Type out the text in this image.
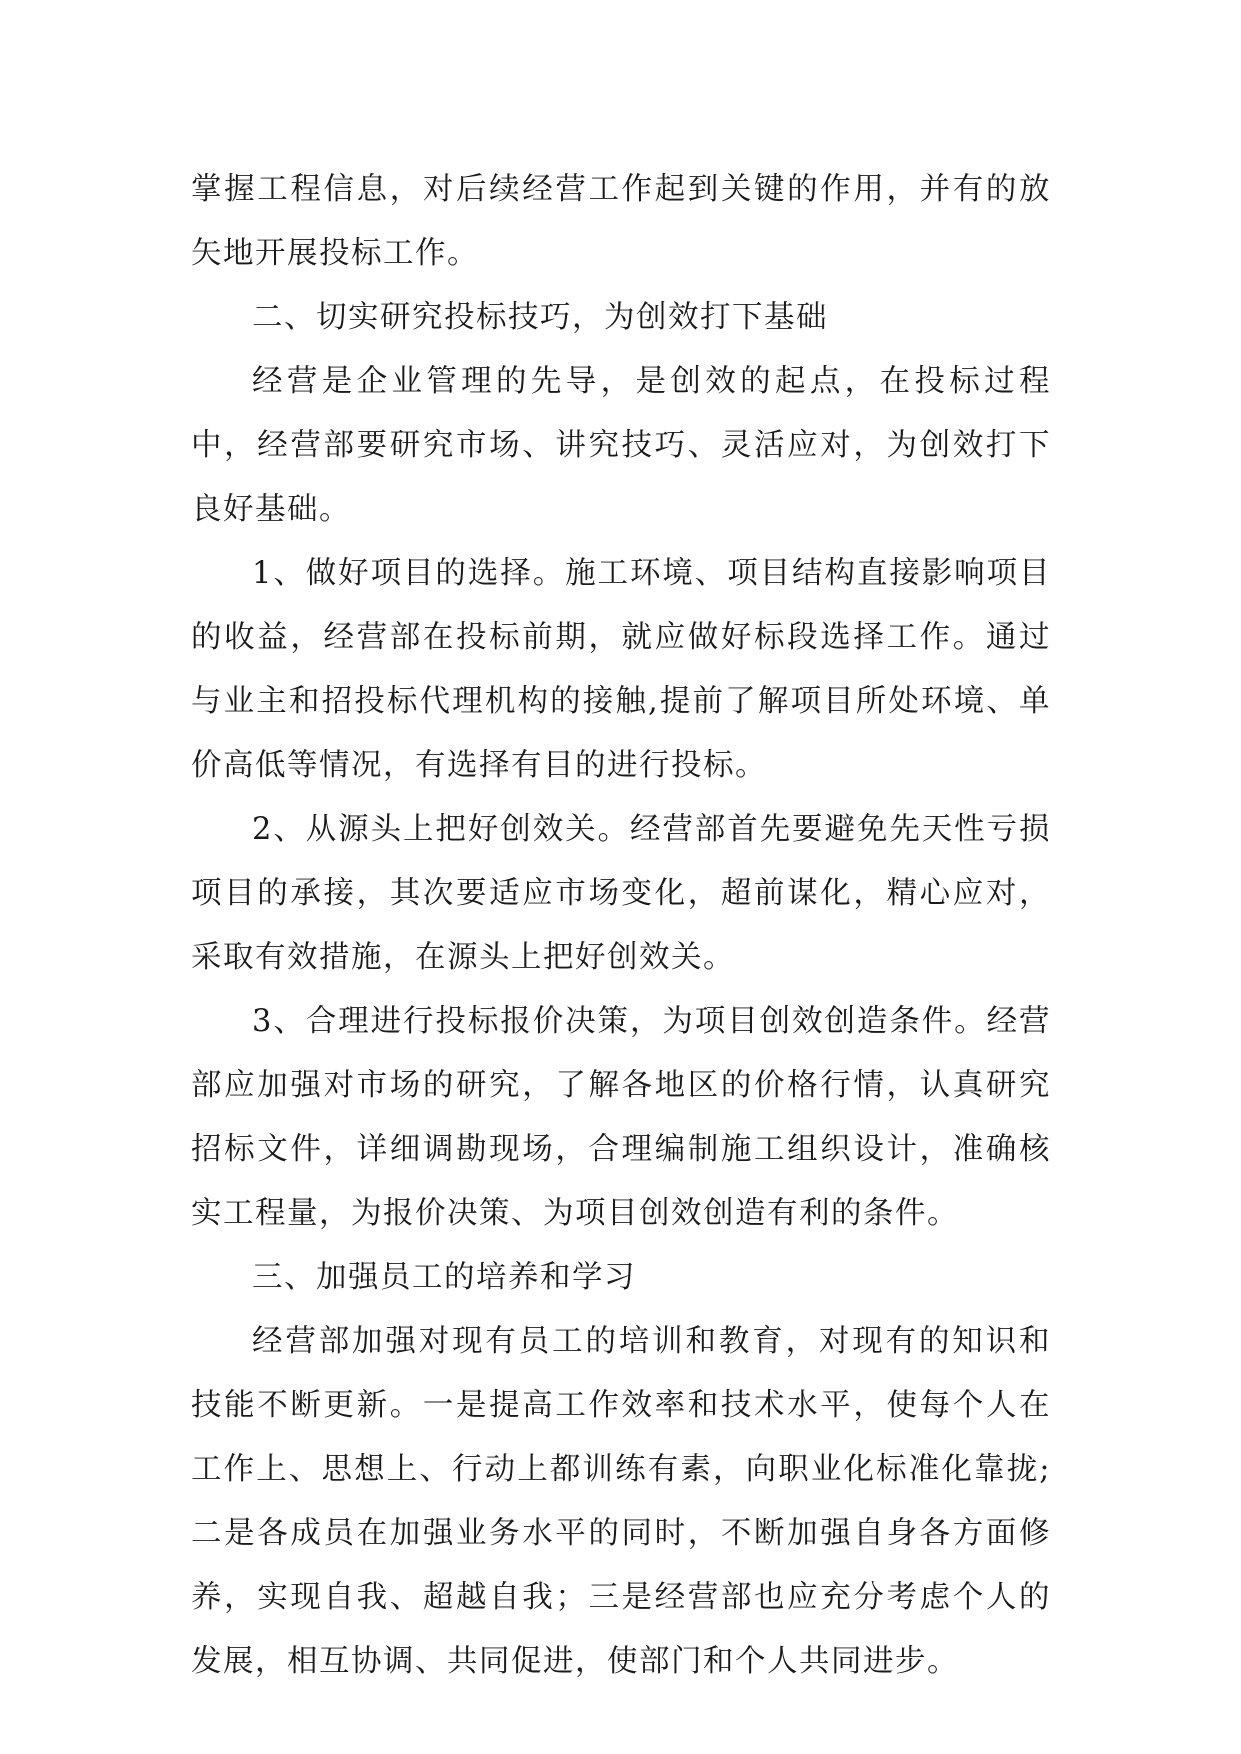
掌握工程信息，对后续经营工作起到关键的作用，并有的放矢地开展投标工作。

二、切实研究投标技巧，为创效打下基础

经营是企业管理的先导，是创效的起点，在投标过程中，经营部要研究市场、讲究技巧、灵活应对，为创效打下良好基础。

1、做好项目的选择。施工环境、项目结构直接影响项目的收益，经营部在投标前期，就应做好标段选择工作。通过与业主和招投标代理机构的接触,提前了解项目所处环境、单价高低等情况，有选择有目的进行投标。

2、从源头上把好创效关。经营部首先要避免先天性亏损项目的承接，其次要适应市场变化，超前谋化，精心应对，采取有效措施，在源头上把好创效关。

3、合理进行投标报价决策，为项目创效创造条件。经营部应加强对市场的研究，了解各地区的价格行情，认真研究招标文件，详细调勘现场，合理编制施工组织设计，准确核实工程量，为报价决策、为项目创效创造有利的条件。

三、加强员工的培养和学习

经营部加强对现有员工的培训和教育，对现有的知识和技能不断更新。一是提高工作效率和技术水平，使每个人在工作上、思想上、行动上都训练有素，向职业化标准化靠拢;二是各成员在加强业务水平的同时，不断加强自身各方面修养，实现自我、超越自我；三是经营部也应充分考虑个人的发展，相互协调、共同促进，使部门和个人共同进步。
